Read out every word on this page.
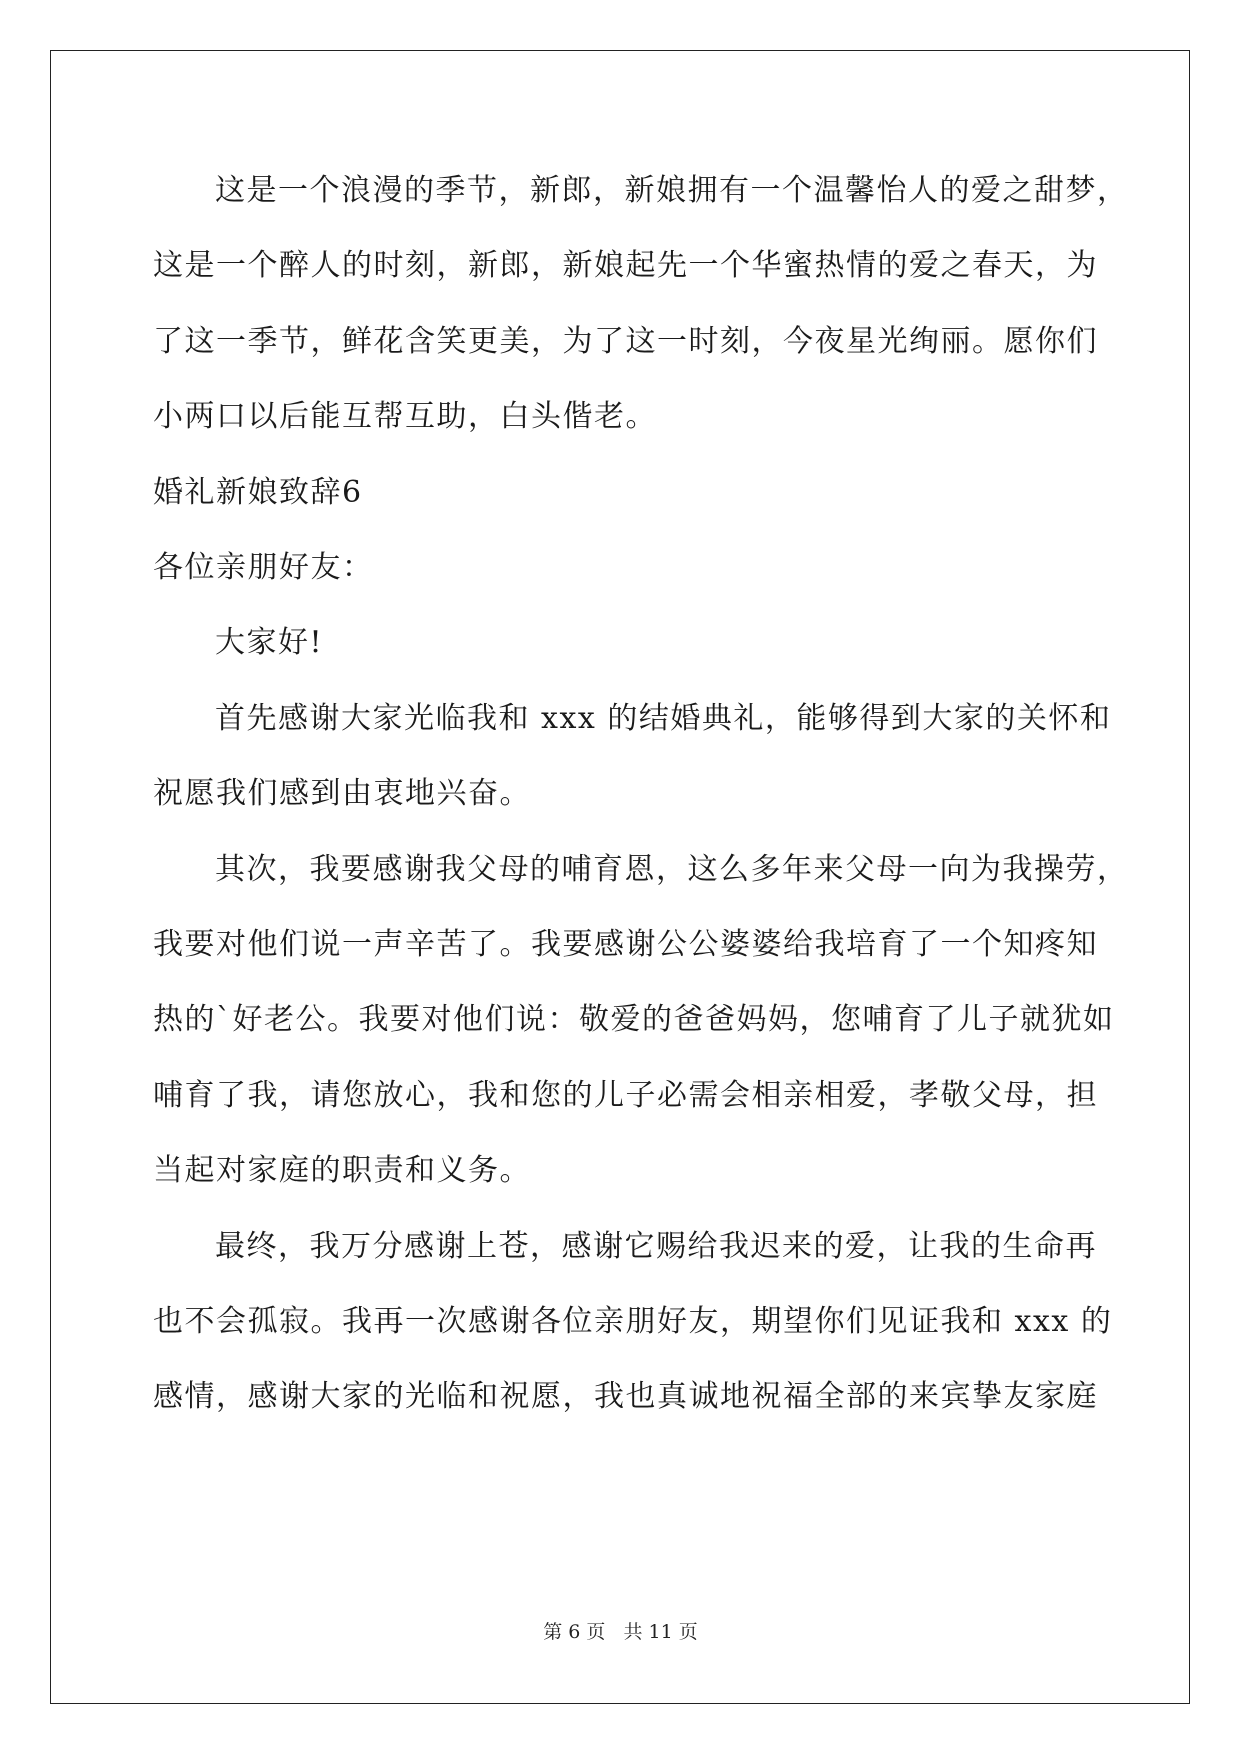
这是一个浪漫的季节，新郎，新娘拥有一个温馨怡人的爱之甜梦，
这是一个醉人的时刻，新郎，新娘起先一个华蜜热情的爱之春天，为
了这一季节，鲜花含笑更美，为了这一时刻，今夜星光绚丽。愿你们
小两口以后能互帮互助，白头偕老。
婚礼新娘致辞6
各位亲朋好友：
大家好!
首先感谢大家光临我和 xxx 的结婚典礼，能够得到大家的关怀和
祝愿我们感到由衷地兴奋。
其次，我要感谢我父母的哺育恩，这么多年来父母一向为我操劳，
我要对他们说一声辛苦了。我要感谢公公婆婆给我培育了一个知疼知
热的`好老公。我要对他们说：敬爱的爸爸妈妈，您哺育了儿子就犹如
哺育了我，请您放心，我和您的儿子必需会相亲相爱，孝敬父母，担
当起对家庭的职责和义务。
最终，我万分感谢上苍，感谢它赐给我迟来的爱，让我的生命再
也不会孤寂。我再一次感谢各位亲朋好友，期望你们见证我和 xxx 的
感情，感谢大家的光临和祝愿，我也真诚地祝福全部的来宾挚友家庭
第 6 页 共 11 页
